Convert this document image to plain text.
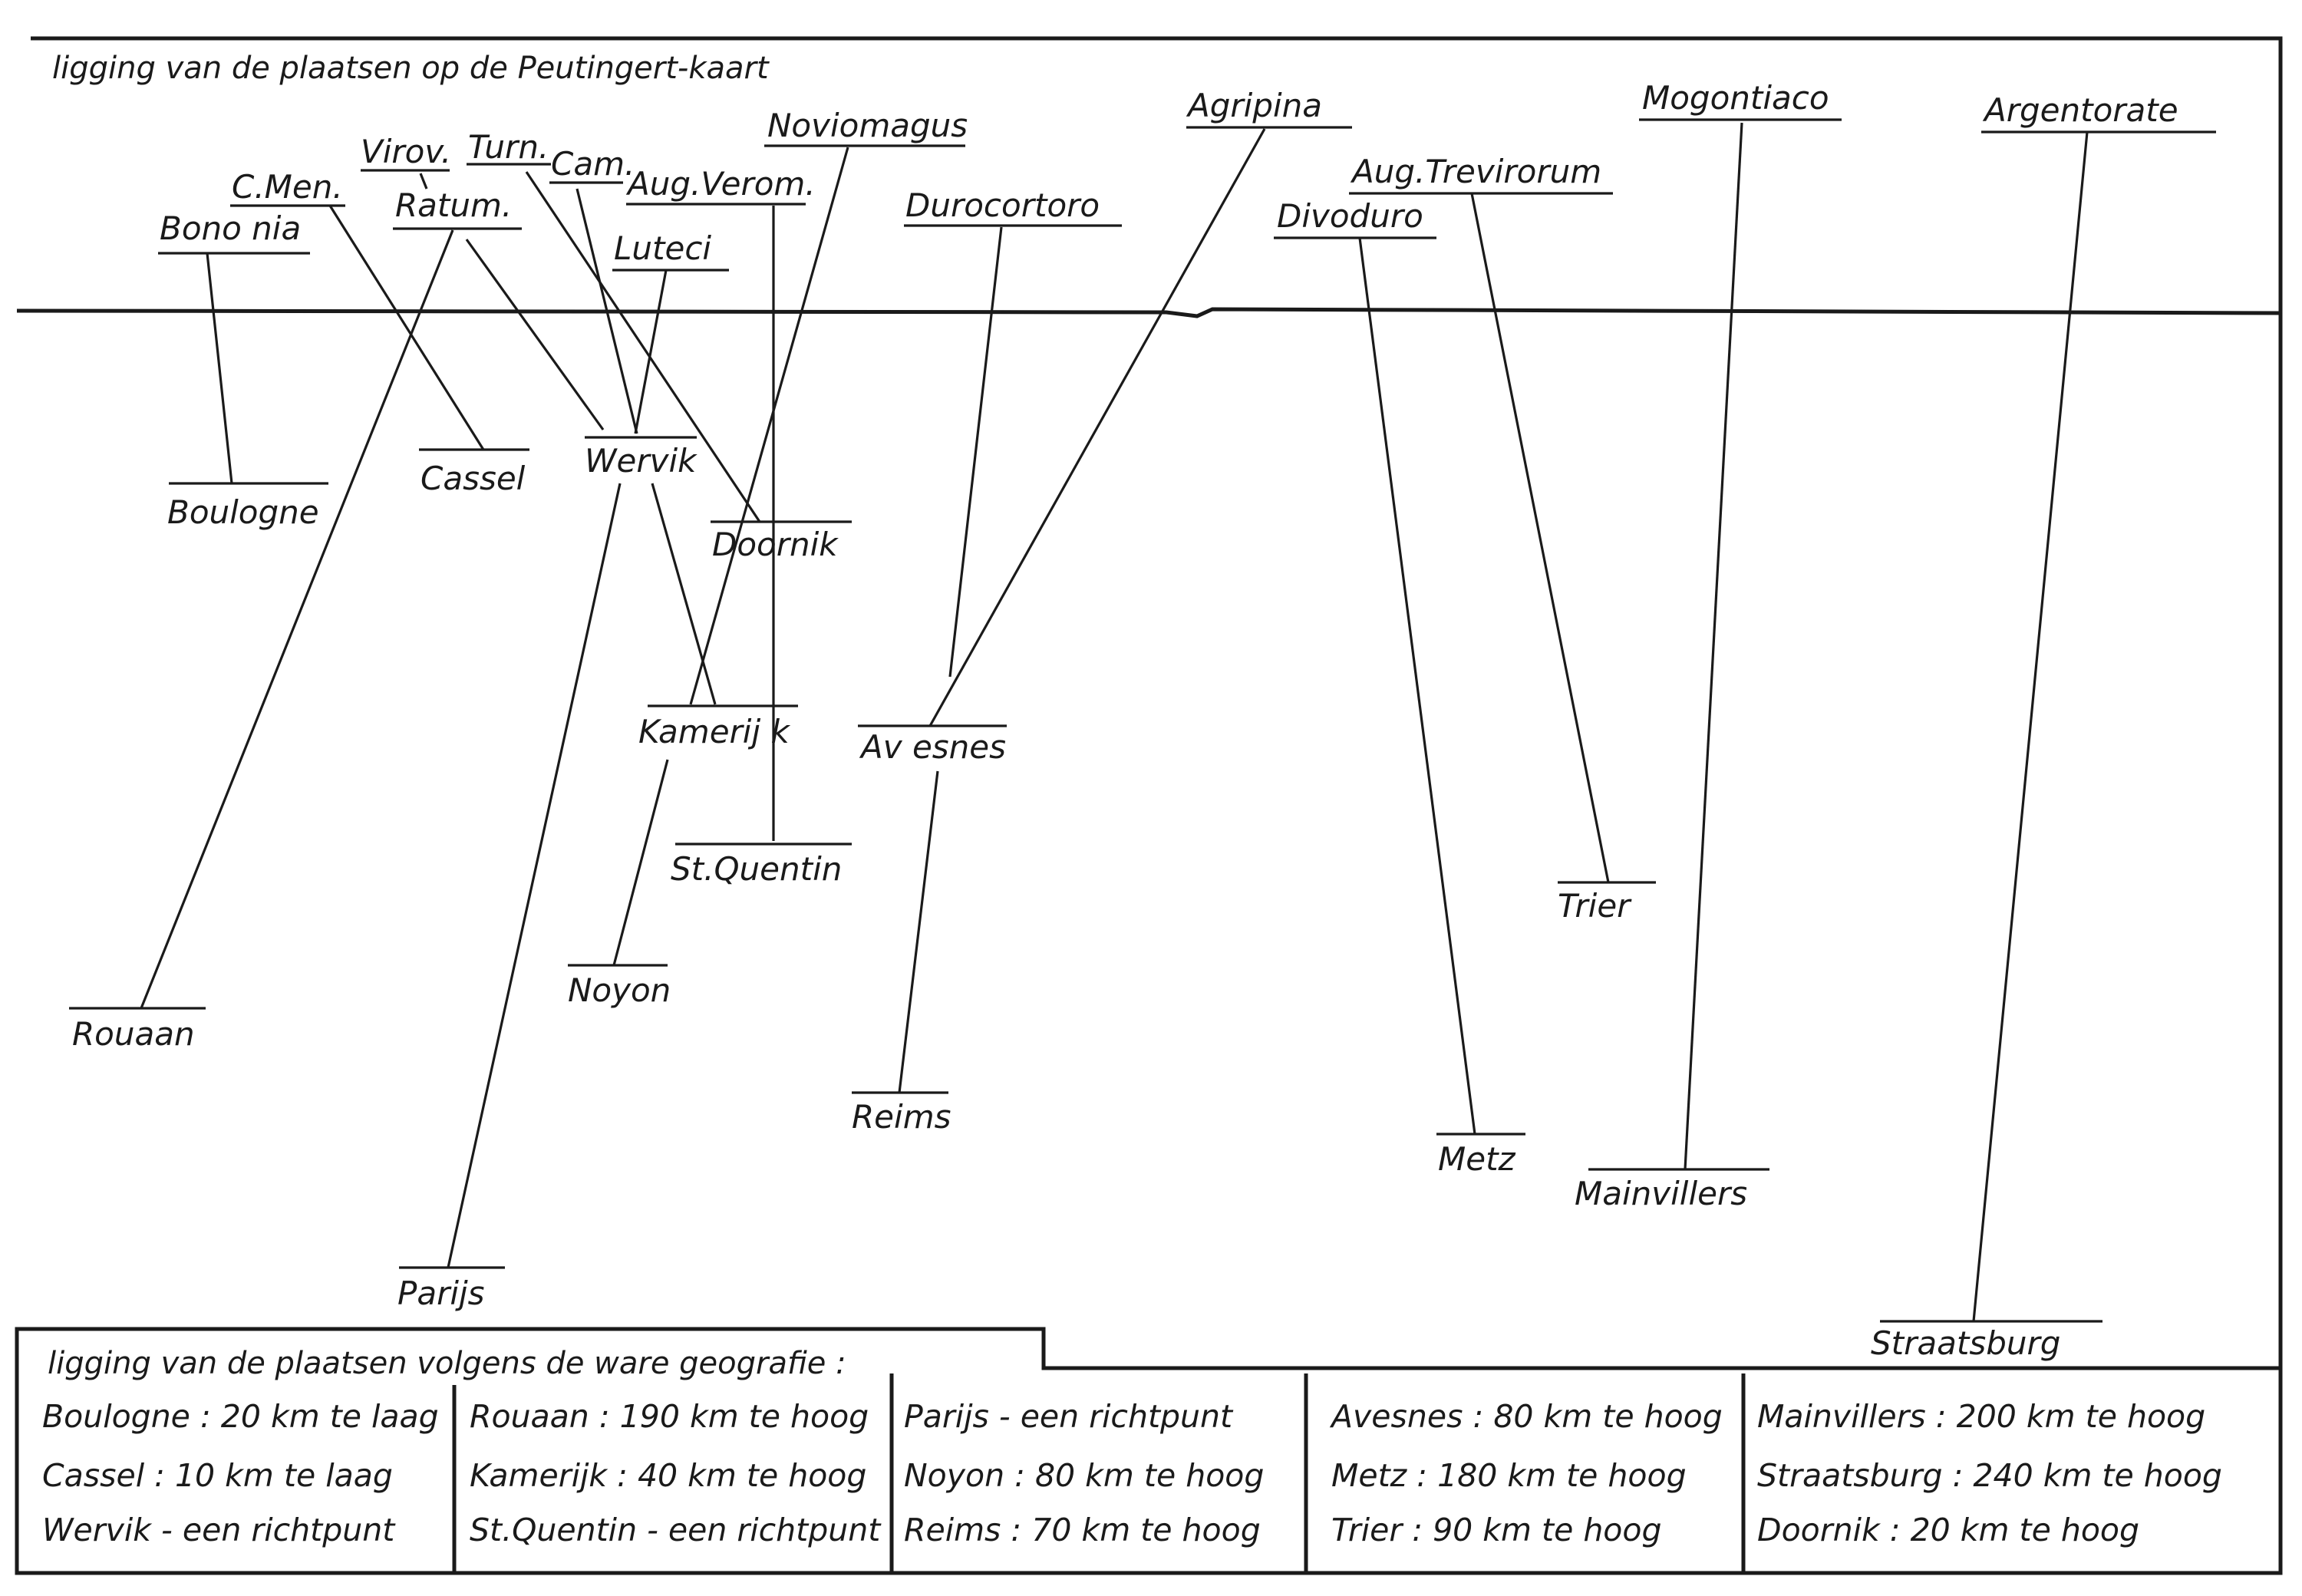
ligging van de plaatsen op de Peutingert-kaart
ligging van de plaatsen volgens de ware geografie :
Bono nia
C.Men.
Virov.
Ratum.
Turn. Cam.
Aug.Verom.
Luteci
Noviomagus
Durocortoro
Agripina
Aug.Trevirorum
Divoduro
Mogontiaco	Argentorate
Boulogne
Cassel Wervik
Doornik
Kamerij k Av esnes
St.Quentin
Noyon
Rouaan
Reims
Trier
Metz
Mainvillers
Parijs
Straatsburg
Boulogne : 20 km te laag
Cassel : 10 km te laag
Wervik - een richtpunt
Rouaan : 190 km te hoog
Kamerijk : 40 km te hoog
St.Quentin - een richtpunt
Parijs - een richtpunt
Noyon : 80 km te hoog
Reims : 70 km te hoog
Avesnes : 80 km te hoog
Metz : 180 km te hoog
Trier : 90 km te hoog
Mainvillers : 200 km te hoog
Straatsburg : 240 km te hoog
Doornik : 20 km te hoog
